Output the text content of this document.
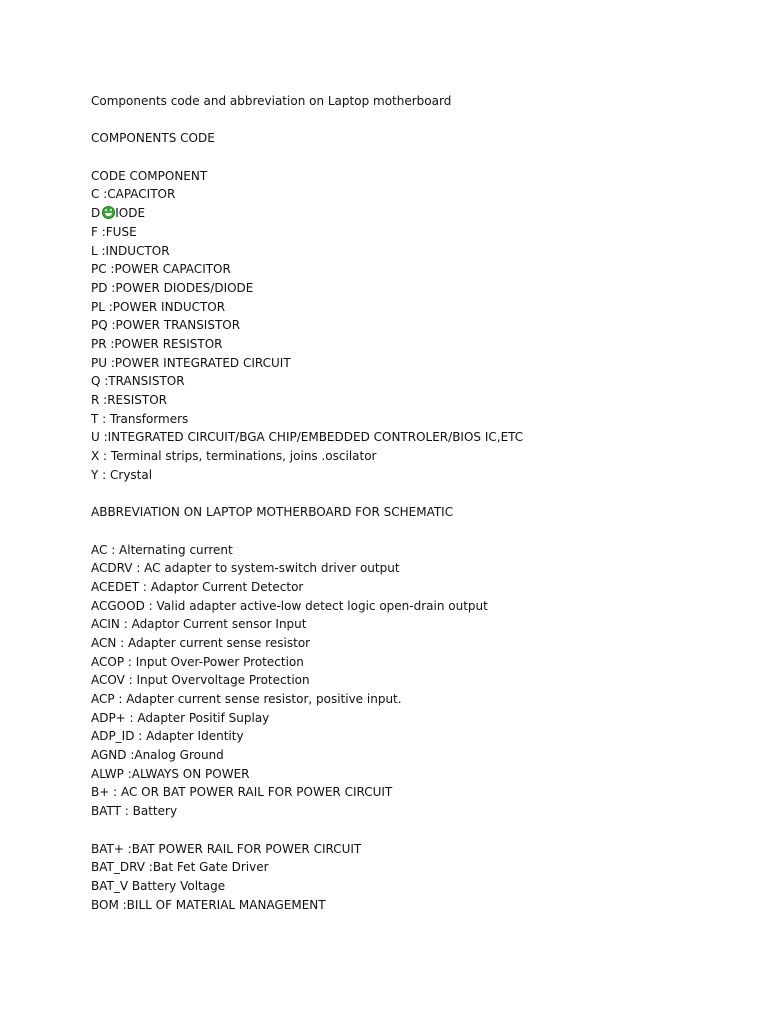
Components code and abbreviation on Laptop motherboard
COMPONENTS CODE
CODE COMPONENT
C :CAPACITOR
D IODE
F :FUSE
L :INDUCTOR
PC :POWER CAPACITOR
PD :POWER DIODES/DIODE
PL :POWER INDUCTOR
PQ :POWER TRANSISTOR
PR :POWER RESISTOR
PU :POWER INTEGRATED CIRCUIT
Q :TRANSISTOR
R :RESISTOR
T : Transformers
U :INTEGRATED CIRCUIT/BGA CHIP/EMBEDDED CONTROLER/BIOS IC,ETC
X : Terminal strips, terminations, joins .oscilator
Y : Crystal
ABBREVIATION ON LAPTOP MOTHERBOARD FOR SCHEMATIC
AC : Alternating current
ACDRV : AC adapter to system-switch driver output
ACEDET : Adaptor Current Detector
ACGOOD : Valid adapter active-low detect logic open-drain output
ACIN : Adaptor Current sensor Input
ACN : Adapter current sense resistor
ACOP : Input Over-Power Protection
ACOV : Input Overvoltage Protection
ACP : Adapter current sense resistor, positive input.
ADP+ : Adapter Positif Suplay
ADP_ID : Adapter Identity
AGND :Analog Ground
ALWP :ALWAYS ON POWER
B+ : AC OR BAT POWER RAIL FOR POWER CIRCUIT
BATT : Battery
BAT+ :BAT POWER RAIL FOR POWER CIRCUIT
BAT_DRV :Bat Fet Gate Driver
BAT_V Battery Voltage
BOM :BILL OF MATERIAL MANAGEMENT
